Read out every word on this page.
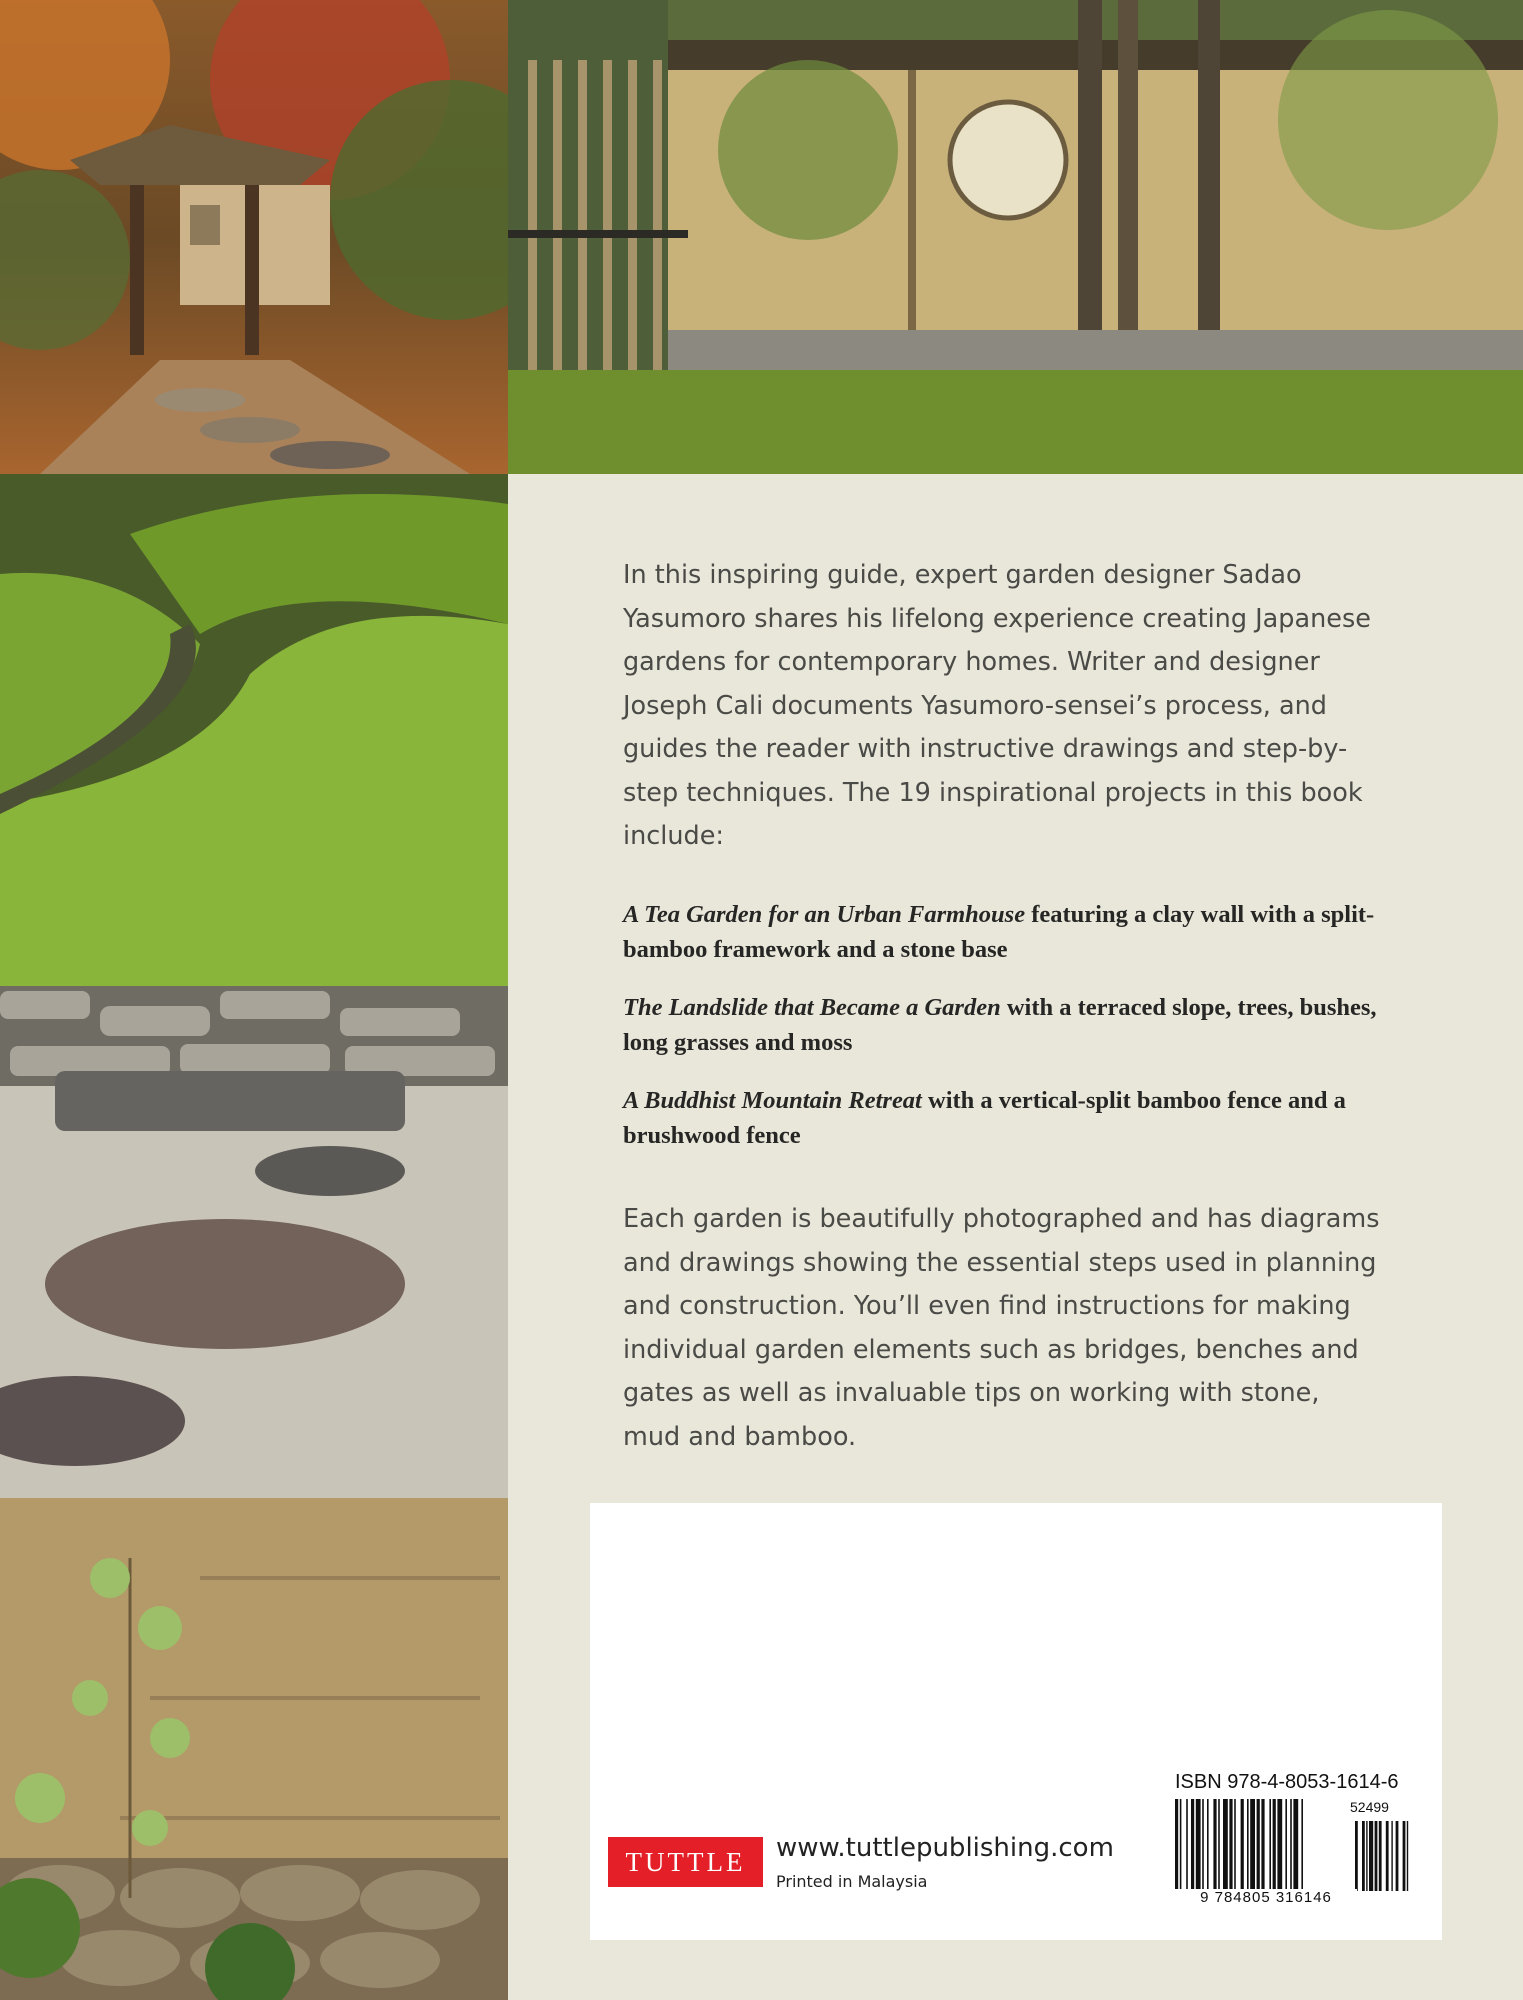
In this inspiring guide, expert garden designer Sadao Yasumoro shares his lifelong experience creating Japanese gardens for contemporary homes. Writer and designer Joseph Cali documents Yasumoro-sensei’s process, and guides the reader with instructive drawings and step-by-step techniques. The 19 inspirational projects in this book include:

A Tea Garden for an Urban Farmhouse featuring a clay wall with a split-bamboo framework and a stone base

The Landslide that Became a Garden with a terraced slope, trees, bushes, long grasses and moss

A Buddhist Mountain Retreat with a vertical-split bamboo fence and a brushwood fence

Each garden is beautifully photographed and has diagrams and drawings showing the essential steps used in planning and construction. You’ll even find instructions for making individual garden elements such as bridges, benches and gates as well as invaluable tips on working with stone, mud and bamboo.

TUTTLE	www.tuttlepublishing.com
Printed in Malaysia
ISBN 978-4-8053-1614-6
52499
9 784805 316146
